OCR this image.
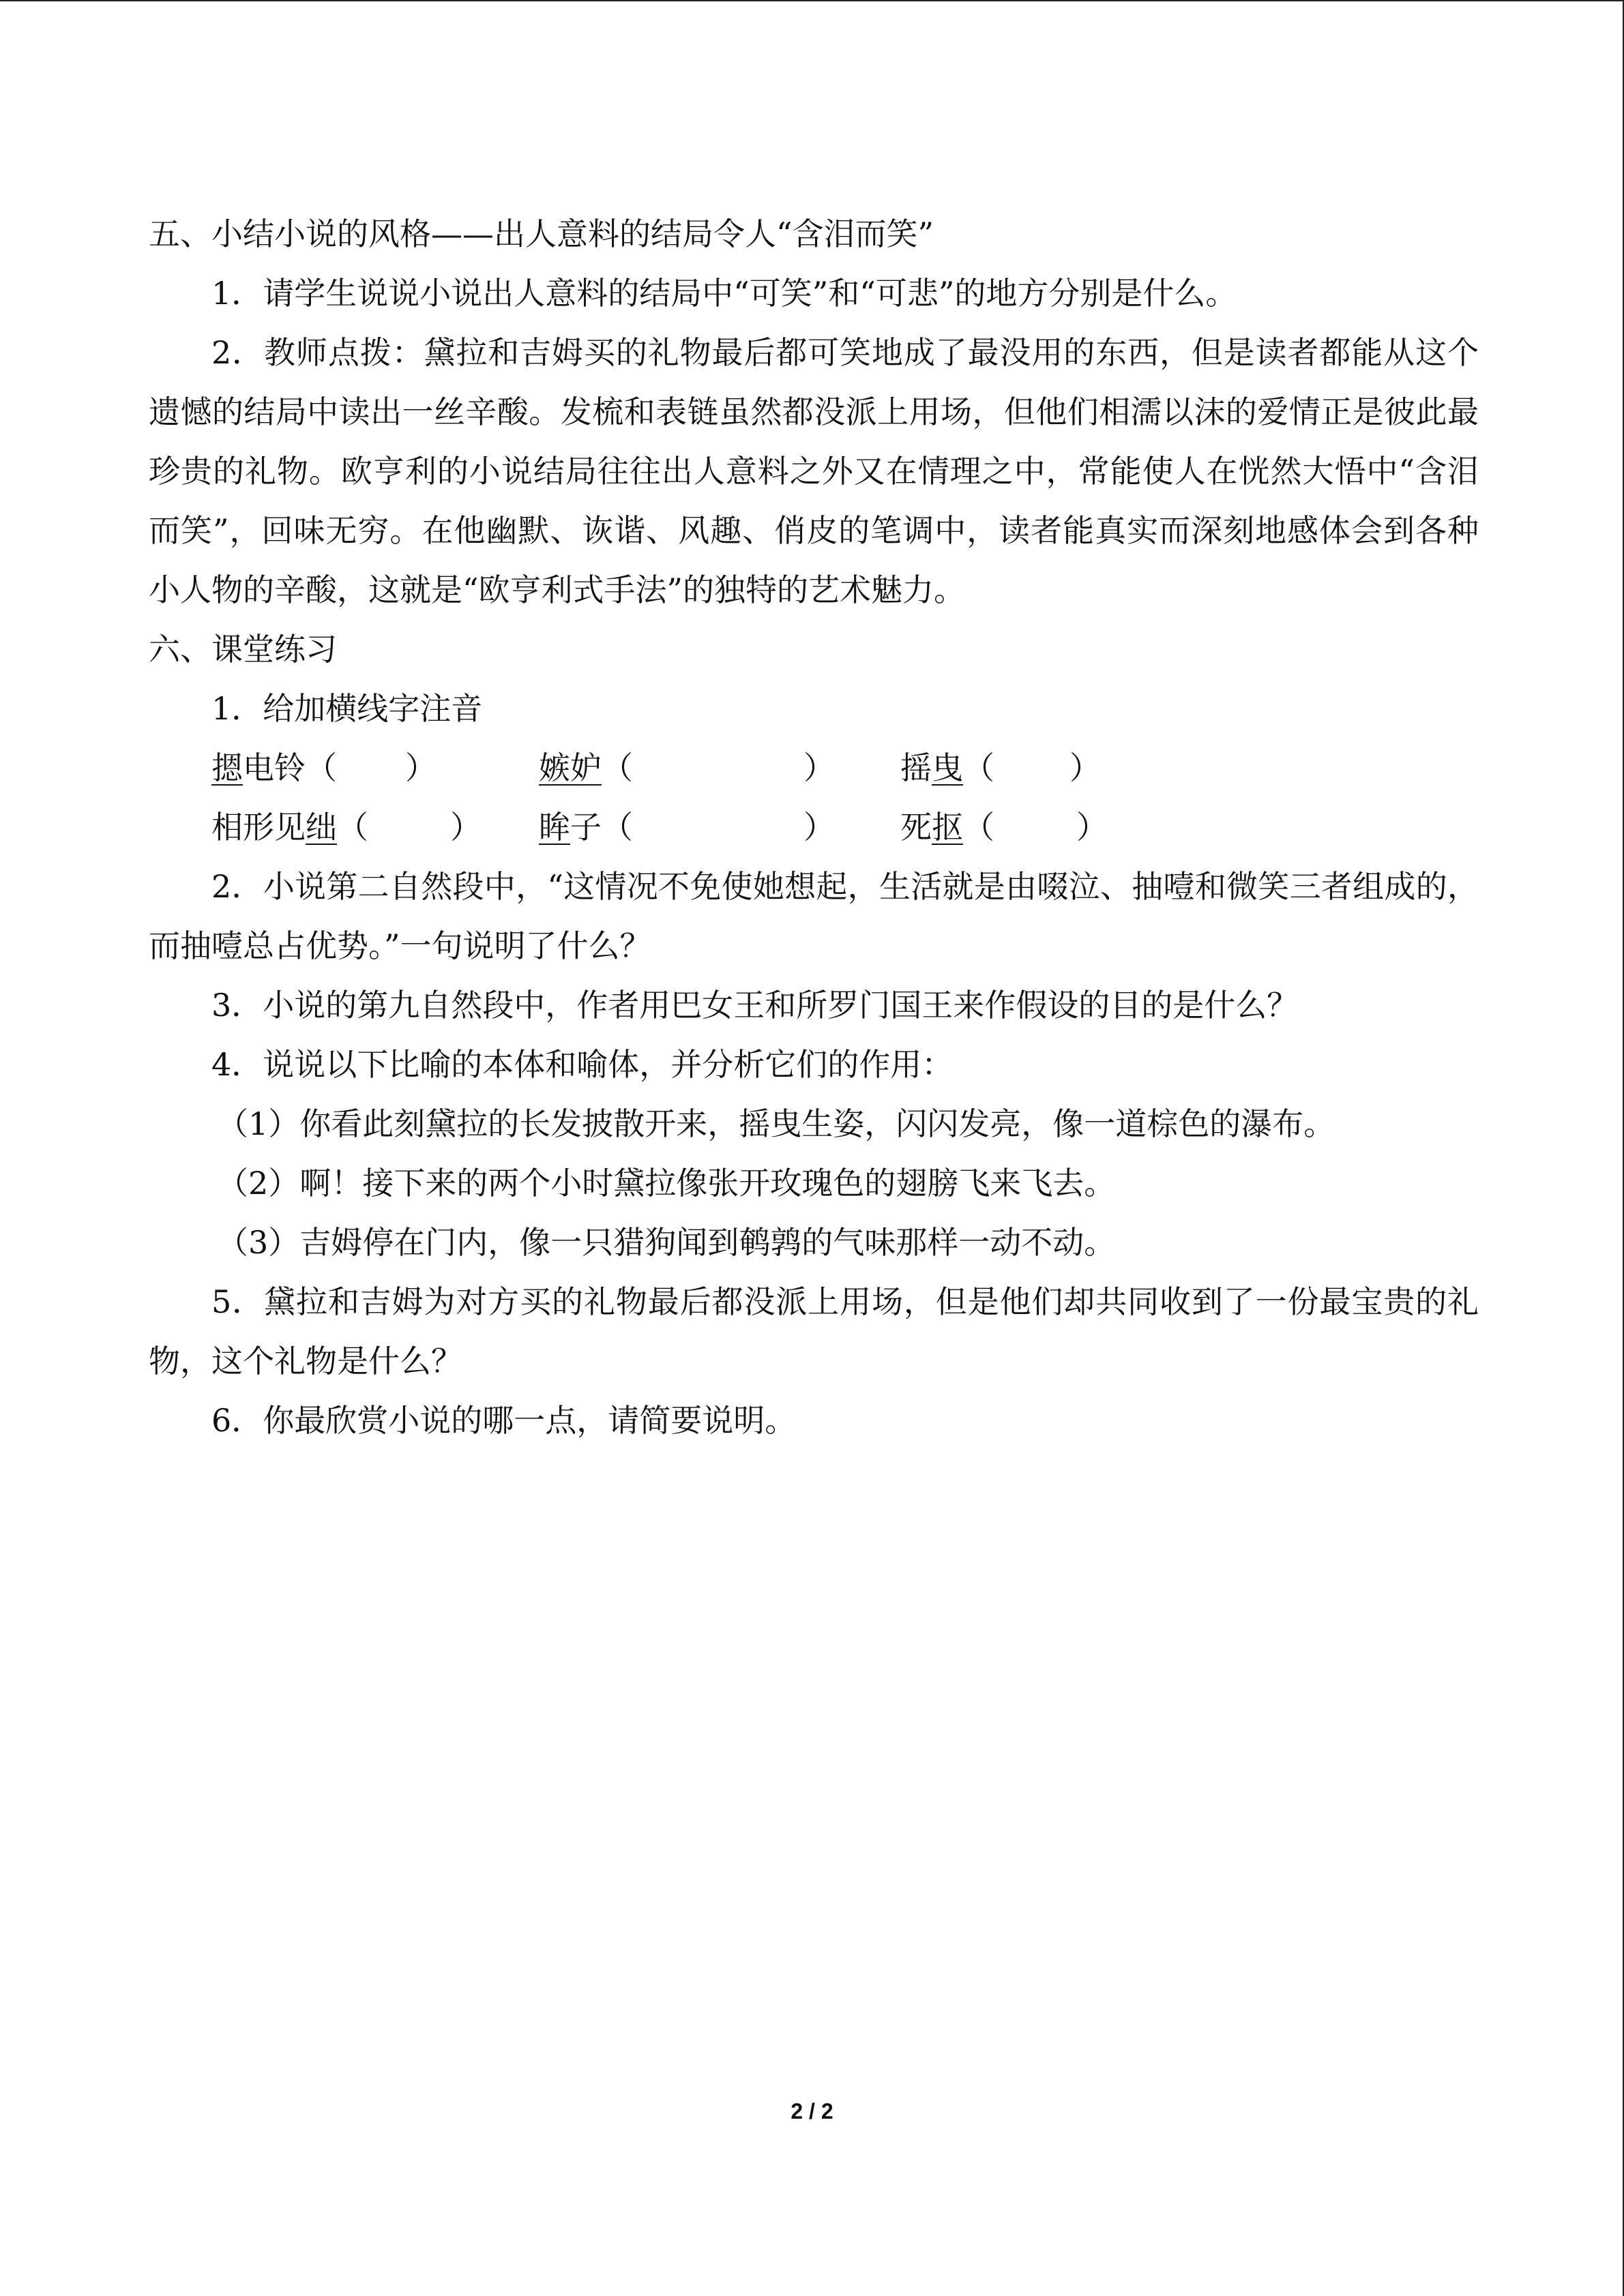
五、小结小说的风格——出人意料的结局令人“含泪而笑”
1．请学生说说小说出人意料的结局中“可笑”和“可悲”的地方分别是什么。
2．教师点拨：黛拉和吉姆买的礼物最后都可笑地成了最没用的东西，但是读者都能从这个遗憾的结局中读出一丝辛酸。发梳和表链虽然都没派上用场，但他们相濡以沫的爱情正是彼此最珍贵的礼物。欧亨利的小说结局往往出人意料之外又在情理之中，常能使人在恍然大悟中“含泪而笑”，回味无穷。在他幽默、诙谐、风趣、俏皮的笔调中，读者能真实而深刻地感体会到各种小人物的辛酸，这就是“欧亨利式手法”的独特的艺术魅力。
六、课堂练习
1．给加横线字注音
摁电铃（ ）	嫉妒（	）	摇曳（ ）
相形见绌（	）	眸子（	）	死抠（	）
2．小说第二自然段中，“这情况不免使她想起，生活就是由啜泣、抽噎和微笑三者组成的，而抽噎总占优势。”一句说明了什么？
3．小说的第九自然段中，作者用巴女王和所罗门国王来作假设的目的是什么？
4．说说以下比喻的本体和喻体，并分析它们的作用：
（1）你看此刻黛拉的长发披散开来，摇曳生姿，闪闪发亮，像一道棕色的瀑布。
（2）啊！接下来的两个小时黛拉像张开玫瑰色的翅膀飞来飞去。
（3）吉姆停在门内，像一只猎狗闻到鹌鹑的气味那样一动不动。
5．黛拉和吉姆为对方买的礼物最后都没派上用场，但是他们却共同收到了一份最宝贵的礼物，这个礼物是什么？
6．你最欣赏小说的哪一点，请简要说明。
2 / 2
